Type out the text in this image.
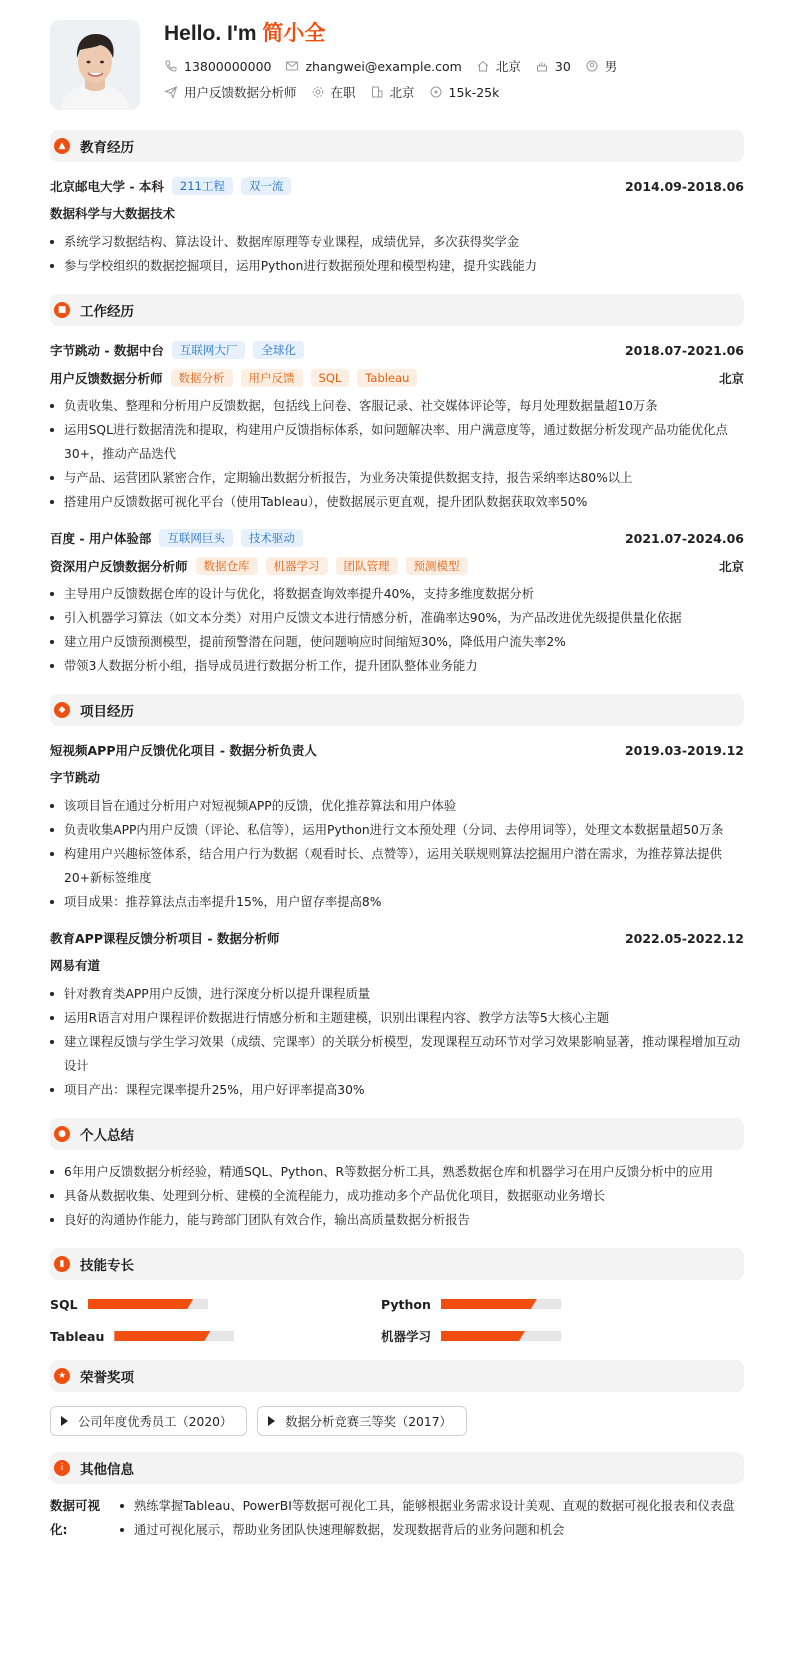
Hello. I'm 简小全
13800000000	zhangwei@example.com	北京	30	男
用户反馈数据分析师	在职	北京	15k-25k
▲	教育经历
北京邮电大学 - 本科	211工程	双一流	2014.09-2018.06
数据科学与大数据技术
系统学习数据结构、算法设计、数据库原理等专业课程，成绩优异，多次获得奖学金
参与学校组织的数据挖掘项目，运用Python进行数据预处理和模型构建，提升实践能力
■ 工作经历
字节跳动 - 数据中台	互联网大厂	全球化	2018.07-2021.06
用户反馈数据分析师	数据分析	用户反馈	SQL	Tableau	北京
负责收集、整理和分析用户反馈数据，包括线上问卷、客服记录、社交媒体评论等，每月处理数据量超10万条
运用SQL进行数据清洗和提取，构建用户反馈指标体系，如问题解决率、用户满意度等，通过数据分析发现产品功能优化点30+，推动产品迭代
与产品、运营团队紧密合作，定期输出数据分析报告，为业务决策提供数据支持，报告采纳率达80%以上
搭建用户反馈数据可视化平台（使用Tableau），使数据展示更直观，提升团队数据获取效率50%
百度 - 用户体验部	互联网巨头	技术驱动	2021.07-2024.06
资深用户反馈数据分析师	数据仓库	机器学习	团队管理	预测模型	北京
主导用户反馈数据仓库的设计与优化，将数据查询效率提升40%，支持多维度数据分析
引入机器学习算法（如文本分类）对用户反馈文本进行情感分析，准确率达90%，为产品改进优先级提供量化依据
建立用户反馈预测模型，提前预警潜在问题，使问题响应时间缩短30%，降低用户流失率2%
带领3人数据分析小组，指导成员进行数据分析工作，提升团队整体业务能力
◆	项目经历
短视频APP用户反馈优化项目 - 数据分析负责人	2019.03-2019.12
字节跳动
该项目旨在通过分析用户对短视频APP的反馈，优化推荐算法和用户体验
负责收集APP内用户反馈（评论、私信等），运用Python进行文本预处理（分词、去停用词等），处理文本数据量超50万条
构建用户兴趣标签体系，结合用户行为数据（观看时长、点赞等），运用关联规则算法挖掘用户潜在需求，为推荐算法提供20+新标签维度
项目成果：推荐算法点击率提升15%，用户留存率提高8%
教育APP课程反馈分析项目 - 数据分析师	2022.05-2022.12
网易有道
针对教育类APP用户反馈，进行深度分析以提升课程质量
运用R语言对用户课程评价数据进行情感分析和主题建模，识别出课程内容、教学方法等5大核心主题
建立课程反馈与学生学习效果（成绩、完课率）的关联分析模型，发现课程互动环节对学习效果影响显著，推动课程增加互动设计
项目产出：课程完课率提升25%，用户好评率提高30%
●	个人总结
6年用户反馈数据分析经验，精通SQL、Python、R等数据分析工具，熟悉数据仓库和机器学习在用户反馈分析中的应用
具备从数据收集、处理到分析、建模的全流程能力，成功推动多个产品优化项目，数据驱动业务增长
良好的沟通协作能力，能与跨部门团队有效合作，输出高质量数据分析报告
▮	技能专长
SQL	Python
Tableau	机器学习
★ 荣誉奖项
公司年度优秀员工（2020）	数据分析竞赛三等奖（2017）
i	其他信息
数据可视化:
熟练掌握Tableau、PowerBI等数据可视化工具，能够根据业务需求设计美观、直观的数据可视化报表和仪表盘
通过可视化展示，帮助业务团队快速理解数据，发现数据背后的业务问题和机会
